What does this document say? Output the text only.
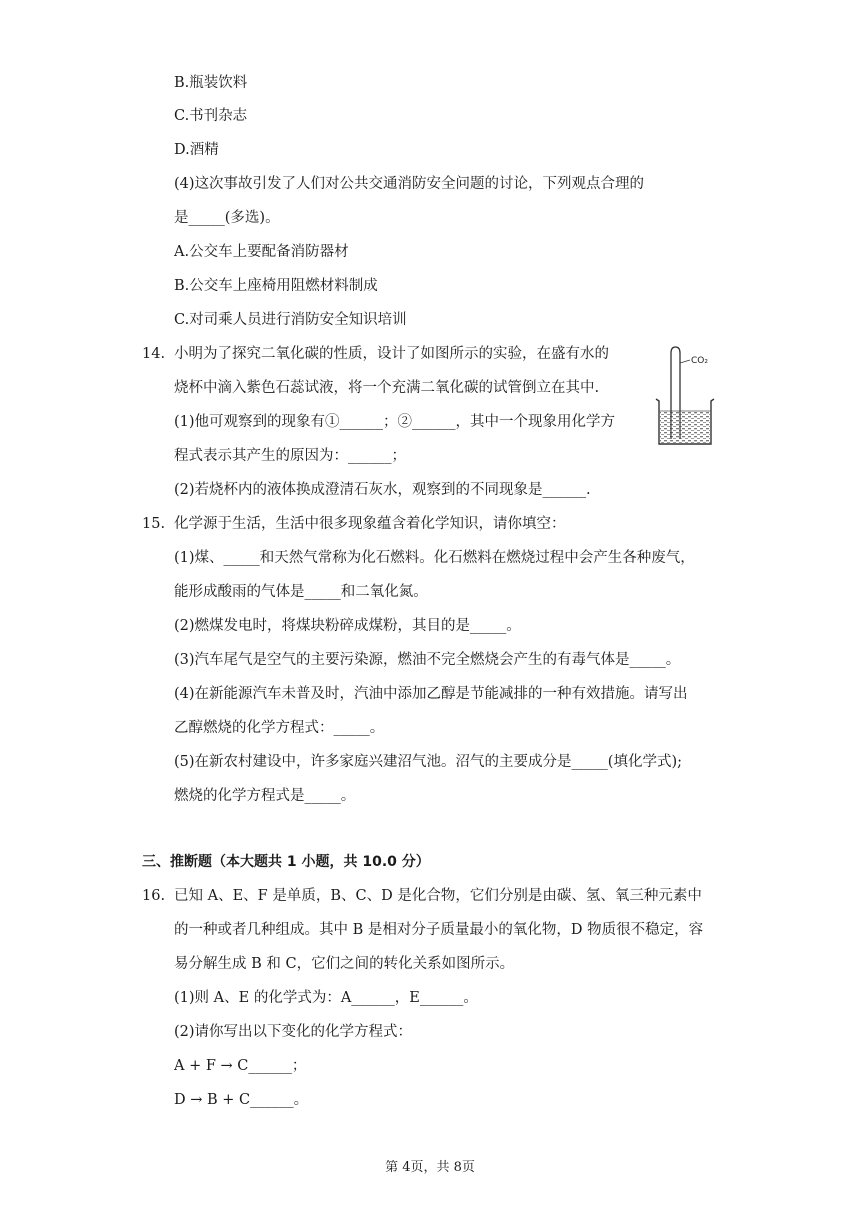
B.瓶装饮料
C.书刊杂志
D.酒精
(4)这次事故引发了人们对公共交通消防安全问题的讨论，下列观点合理的
是_____(多选)。
A.公交车上要配备消防器材
B.公交车上座椅用阻燃材料制成
C.对司乘人员进行消防安全知识培训
14. 小明为了探究二氧化碳的性质，设计了如图所示的实验，在盛有水的
烧杯中滴入紫色石蕊试液，将一个充满二氧化碳的试管倒立在其中.
(1)他可观察到的现象有①______；②______，其中一个现象用化学方
程式表示其产生的原因为：______；
(2)若烧杯内的液体换成澄清石灰水，观察到的不同现象是______.
CO₂
15. 化学源于生活，生活中很多现象蕴含着化学知识，请你填空：
(1)煤、_____和天然气常称为化石燃料。化石燃料在燃烧过程中会产生各种废气，
能形成酸雨的气体是_____和二氧化氮。
(2)燃煤发电时，将煤块粉碎成煤粉，其目的是_____。
(3)汽车尾气是空气的主要污染源，燃油不完全燃烧会产生的有毒气体是_____。
(4)在新能源汽车未普及时，汽油中添加乙醇是节能减排的一种有效措施。请写出
乙醇燃烧的化学方程式：_____。
(5)在新农村建设中，许多家庭兴建沼气池。沼气的主要成分是_____(填化学式);
燃烧的化学方程式是_____。
三、推断题（本大题共 1 小题，共 10.0 分）
16. 已知 A、E、F 是单质，B、C、D 是化合物，它们分别是由碳、氢、氧三种元素中
的一种或者几种组成。其中 B 是相对分子质量最小的氧化物，D 物质很不稳定，容
易分解生成 B 和 C，它们之间的转化关系如图所示。
(1)则 A、E 的化学式为：A______，E______。
(2)请你写出以下变化的化学方程式：
A + F → C______；
D → B + C______。
第 4页，共 8页
